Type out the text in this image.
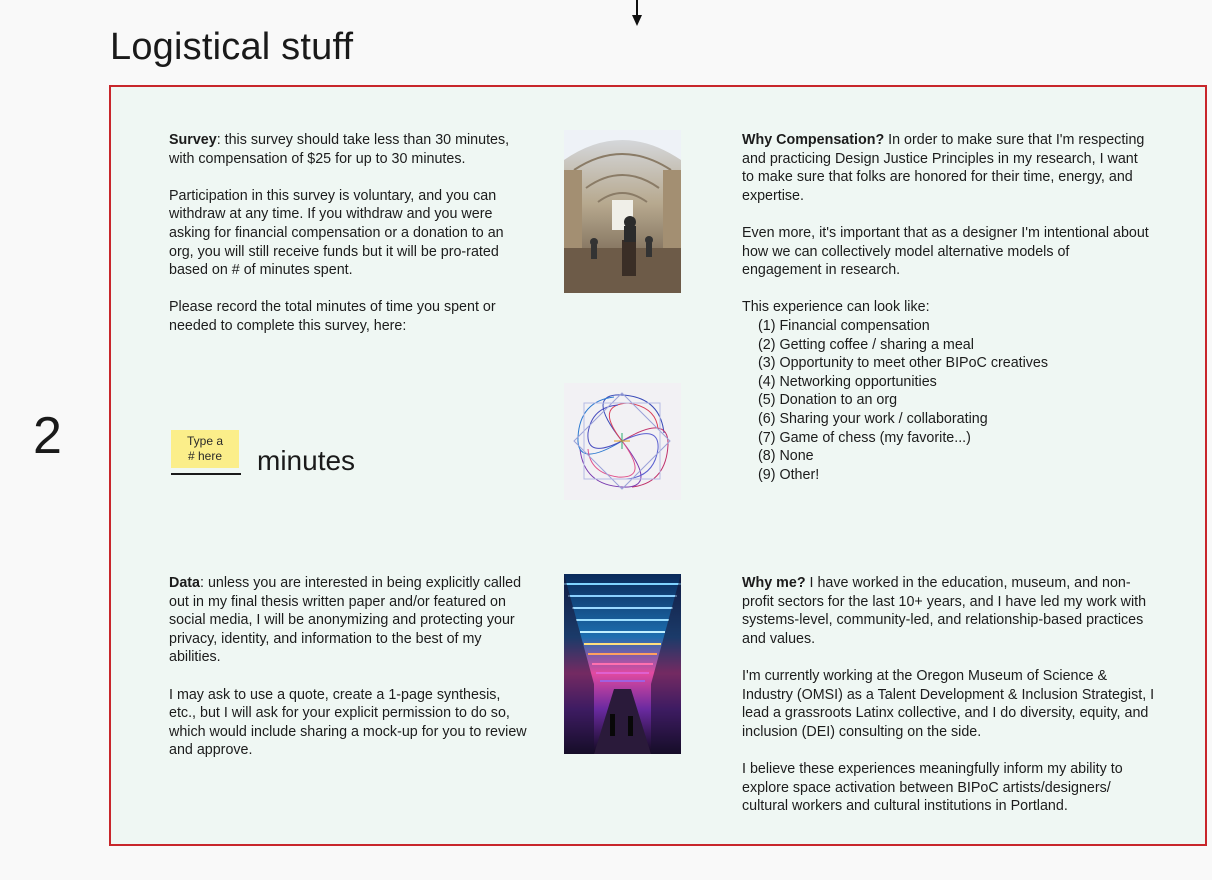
Logistical stuff
2

Survey: this survey should take less than 30 minutes, with compensation of $25 for up to 30 minutes.

Participation in this survey is voluntary, and you can withdraw at any time. If you withdraw and you were asking for financial compensation or a donation to an org, you will still receive funds but it will be pro-rated based on # of minutes spent.

Please record the total minutes of time you spent or needed to complete this survey, here:

Type a
# here	minutes

Data: unless you are interested in being explicitly called out in my final thesis written paper and/or featured on social media, I will be anonymizing and protecting your privacy, identity, and information to the best of my abilities.

I may ask to use a quote, create a 1-page synthesis, etc., but I will ask for your explicit permission to do so, which would include sharing a mock-up for you to review and approve.

Why Compensation? In order to make sure that I'm respecting and practicing Design Justice Principles in my research, I want to make sure that folks are honored for their time, energy, and expertise.

Even more, it's important that as a designer I'm intentional about how we can collectively model alternative models of engagement in research.

This experience can look like:
(1) Financial compensation
(2) Getting coffee / sharing a meal
(3) Opportunity to meet other BIPoC creatives
(4) Networking opportunities
(5) Donation to an org
(6) Sharing your work / collaborating
(7) Game of chess (my favorite...)
(8) None
(9) Other!

Why me? I have worked in the education, museum, and non-profit sectors for the last 10+ years, and I have led my work with systems-level, community-led, and relationship-based practices and values.

I'm currently working at the Oregon Museum of Science & Industry (OMSI) as a Talent Development & Inclusion Strategist, I lead a grassroots Latinx collective, and I do diversity, equity, and inclusion (DEI) consulting on the side.

I believe these experiences meaningfully inform my ability to explore space activation between BIPoC artists/designers/ cultural workers and cultural institutions in Portland.
